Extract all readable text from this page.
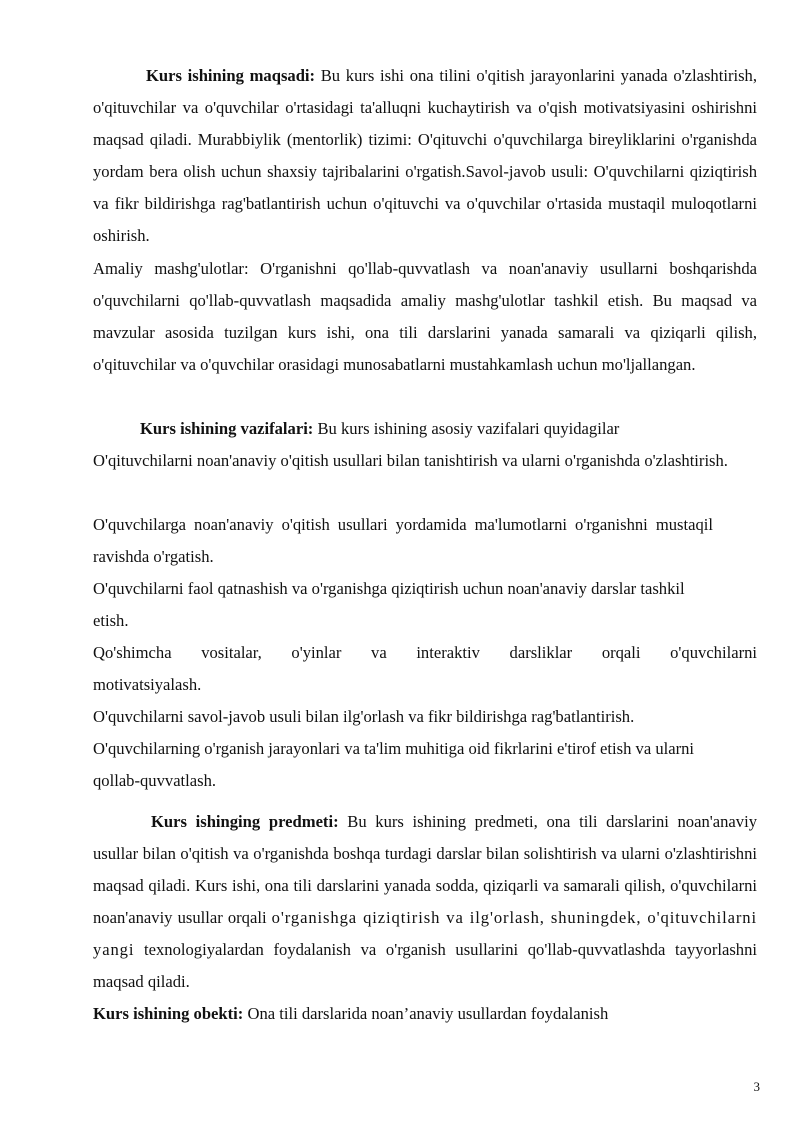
Kurs ishining maqsadi: Bu kurs ishi ona tilini o'qitish jarayonlarini yanada o'zlashtirish, o'qituvchilar va o'quvchilar o'rtasidagi ta'alluqni kuchaytirish va o'qish motivatsiyasini oshirishni maqsad qiladi. Murabbiylik (mentorlik) tizimi: O'qituvchi o'quvchilarga bireyliklarini o'rganishda yordam bera olish uchun shaxsiy tajribalarini o'rgatish.Savol-javob usuli: O'quvchilarni qiziqtirish va fikr bildirishga rag'batlantirish uchun o'qituvchi va o'quvchilar o'rtasida mustaqil muloqotlarni oshirish.

Amaliy mashg'ulotlar: O'rganishni qo'llab-quvvatlash va noan'anaviy usullarni boshqarishda o'quvchilarni qo'llab-quvvatlash maqsadida amaliy mashg'ulotlar tashkil etish. Bu maqsad va mavzular asosida tuzilgan kurs ishi, ona tili darslarini yanada samarali va qiziqarli qilish, o'qituvchilar va o'quvchilar orasidagi munosabatlarni mustahkamlash uchun mo'ljallangan.

Kurs ishining vazifalari: Bu kurs ishining asosiy vazifalari quyidagilar

O'qituvchilarni noan'anaviy o'qitish usullari bilan tanishtirish va ularni o'rganishda o'zlashtirish.

O'quvchilarga noan'anaviy o'qitish usullari yordamida ma'lumotlarni o'rganishni mustaqil ravishda o'rgatish.

O'quvchilarni faol qatnashish va o'rganishga qiziqtirish uchun noan'anaviy darslar tashkil etish.

Qo'shimcha vositalar, o'yinlar va interaktiv darsliklar orqali o'quvchilarni motivatsiyalash.

O'quvchilarni savol-javob usuli bilan ilg'orlash va fikr bildirishga rag'batlantirish.

O'quvchilarning o'rganish jarayonlari va ta'lim muhitiga oid fikrlarini e'tirof etish va ularni qollab-quvvatlash.

Kurs ishinging predmeti: Bu kurs ishining predmeti, ona tili darslarini noan'anaviy usullar bilan o'qitish va o'rganishda boshqa turdagi darslar bilan solishtirish va ularni o'zlashtirishni maqsad qiladi. Kurs ishi, ona tili darslarini yanada sodda, qiziqarli va samarali qilish, o'quvchilarni noan'anaviy usullar orqali o'rganishga qiziqtirish va ilg'orlash, shuningdek, o'qituvchilarni yangi texnologiyalardan foydalanish va o'rganish usullarini qo'llab-quvvatlashda tayyorlashni maqsad qiladi.

Kurs ishining obekti: Ona tili darslarida noan’anaviy usullardan foydalanish

3
